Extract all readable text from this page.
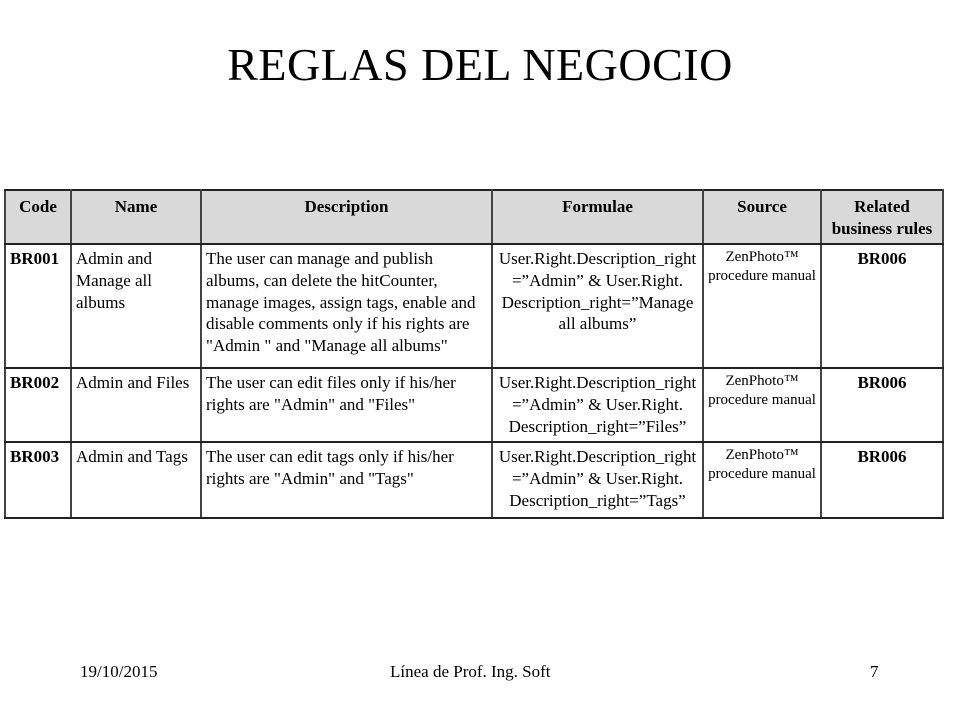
REGLAS DEL NEGOCIO
Code	Name	Description	Formulae	Source	Related business rules
BR001	Admin and Manage all albums	The user can manage and publish albums, can delete the hitCounter, manage images, assign tags, enable and disable comments only if his rights are "Admin " and "Manage all albums"	User.Right.Description_right =”Admin” & User.Right. Description_right=”Manage all albums”	ZenPhoto™ procedure manual	BR006
BR002	Admin and Files	The user can edit files only if his/her rights are "Admin" and "Files"	User.Right.Description_right =”Admin” & User.Right. Description_right=”Files”	ZenPhoto™ procedure manual	BR006
BR003	Admin and Tags	The user can edit tags only if his/her rights are "Admin" and "Tags"	User.Right.Description_right =”Admin” & User.Right. Description_right=”Tags”	ZenPhoto™ procedure manual	BR006
19/10/2015	Línea de Prof. Ing. Soft	7
